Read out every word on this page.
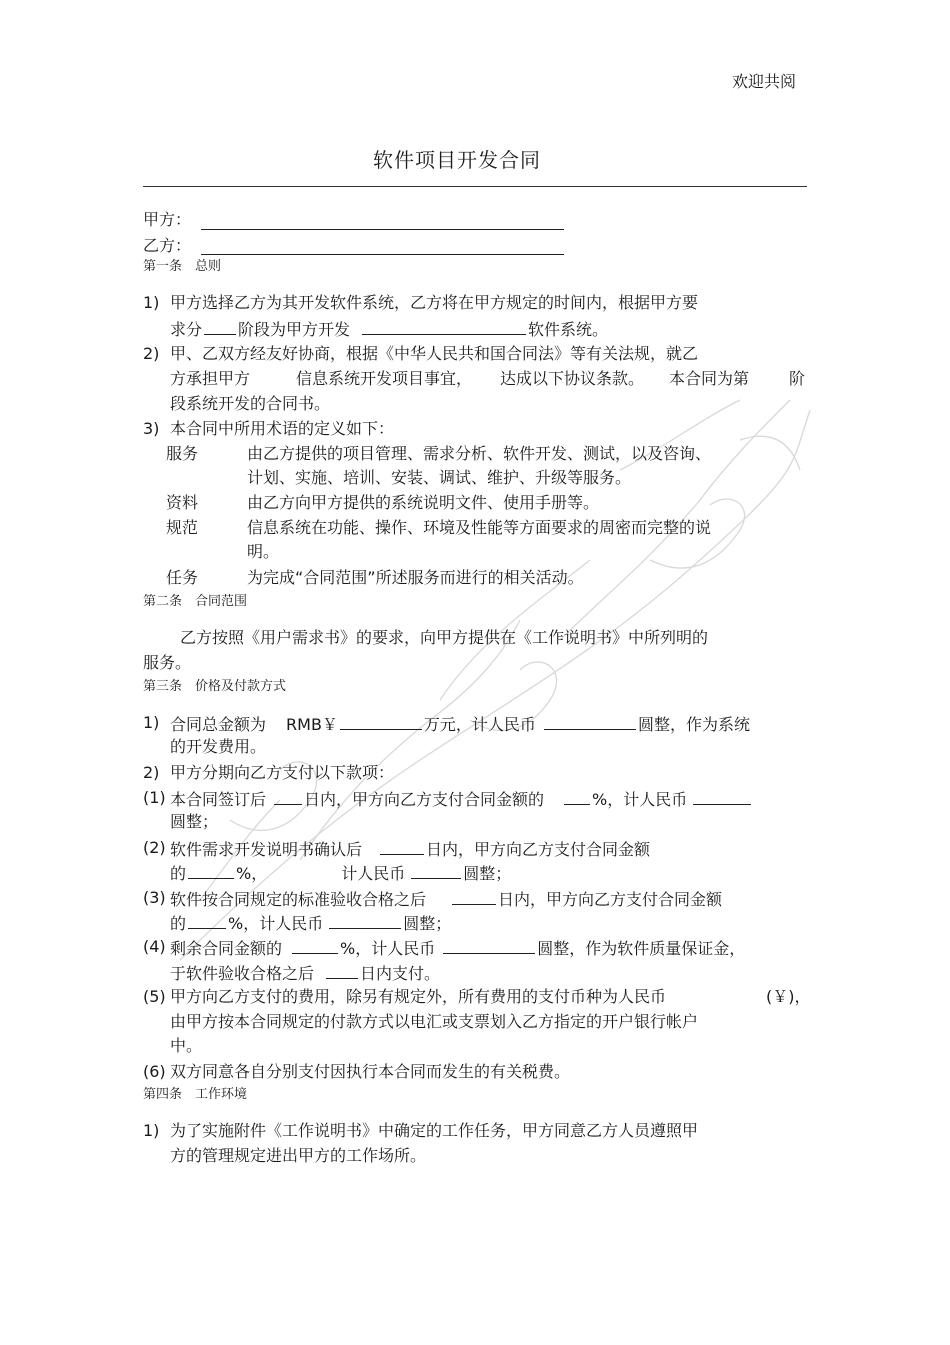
欢迎共阅
软件项目开发合同
甲方：
乙方：
第一条　总则
1) 甲方选择乙方为其开发软件系统，乙方将在甲方规定的时间内，根据甲方要
求分 阶段为甲方开发	软件系统。
2) 甲、乙双方经友好协商，根据《中华人民共和国合同法》等有关法规，就乙
方承担甲方	信息系统开发项目事宜， 达成以下协议条款。 本合同为第 阶
段系统开发的合同书。
3) 本合同中所用术语的定义如下：
服务	由乙方提供的项目管理、需求分析、软件开发、测试，以及咨询、
计划、实施、培训、安装、调试、维护、升级等服务。
资料	由乙方向甲方提供的系统说明文件、使用手册等。
规范	信息系统在功能、操作、环境及性能等方面要求的周密而完整的说
明。
任务	为完成“合同范围”所述服务而进行的相关活动。
第二条　合同范围
乙方按照《用户需求书》的要求，向甲方提供在《工作说明书》中所列明的
服务。
第三条　价格及付款方式
1) 合同总金额为 RMB￥	万元，计人民币	圆整，作为系统
的开发费用。
2) 甲方分期向乙方支付以下款项：
(1) 本合同签订后 日内，甲方向乙方支付合同金额的	%，计人民币
圆整；
(2) 软件需求开发说明书确认后	日内，甲方向乙方支付合同金额
的	%，	计人民币	圆整；
(3) 软件按合同规定的标准验收合格之后	日内，甲方向乙方支付合同金额
的	%，计人民币	圆整；
(4) 剩余合同金额的	%，计人民币	圆整，作为软件质量保证金，
于软件验收合格之后	日内支付。
(5) 甲方向乙方支付的费用，除另有规定外，所有费用的支付币种为人民币	(￥)，
由甲方按本合同规定的付款方式以电汇或支票划入乙方指定的开户银行帐户
中。
(6) 双方同意各自分别支付因执行本合同而发生的有关税费。
第四条　工作环境
1) 为了实施附件《工作说明书》中确定的工作任务，甲方同意乙方人员遵照甲
方的管理规定进出甲方的工作场所。
